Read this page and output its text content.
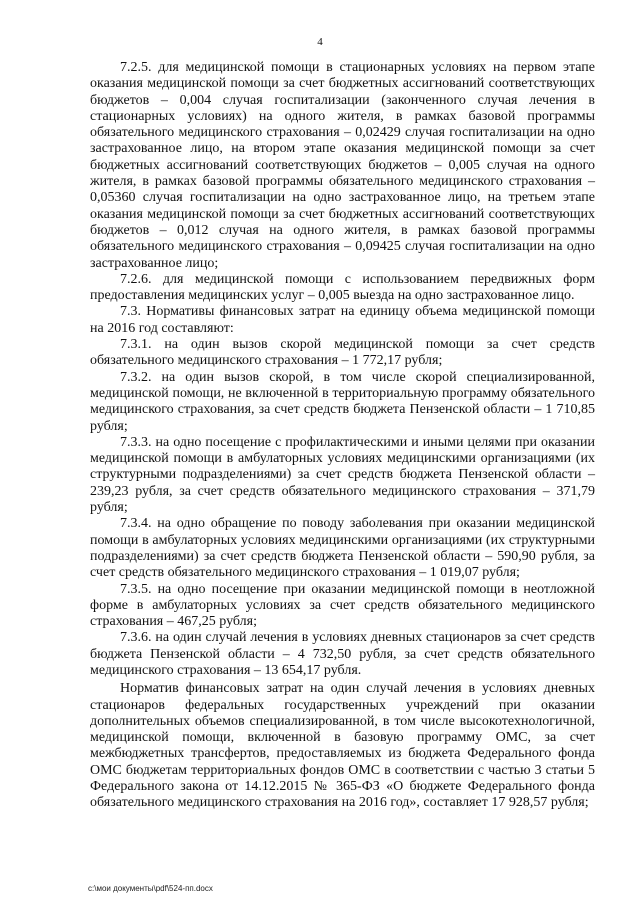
4

7.2.5. для медицинской помощи в стационарных условиях на первом этапе оказания медицинской помощи за счет бюджетных ассигнований соответствующих бюджетов – 0,004 случая госпитализации (законченного случая лечения в стационарных условиях) на одного жителя, в рамках базовой программы обязательного медицинского страхования – 0,02429 случая госпитализации на одно застрахованное лицо, на втором этапе оказания медицинской помощи за счет бюджетных ассигнований соответствующих бюджетов – 0,005 случая на одного жителя, в рамках базовой программы обязательного медицинского страхования – 0,05360 случая госпитализации на одно застрахованное лицо, на третьем этапе оказания медицинской помощи за счет бюджетных ассигнований соответствующих бюджетов – 0,012 случая на одного жителя, в рамках базовой программы обязательного медицинского страхования – 0,09425 случая госпитализации на одно застрахованное лицо;

7.2.6. для медицинской помощи с использованием передвижных форм предоставления медицинских услуг – 0,005 выезда на одно застрахованное лицо.

7.3. Нормативы финансовых затрат на единицу объема медицинской помощи на 2016 год составляют:

7.3.1. на один вызов скорой медицинской помощи за счет средств обязательного медицинского страхования – 1 772,17 рубля;

7.3.2. на один вызов скорой, в том числе скорой специализированной, медицинской помощи, не включенной в территориальную программу обязательного медицинского страхования, за счет средств бюджета Пензенской области – 1 710,85 рубля;

7.3.3. на одно посещение с профилактическими и иными целями при оказании медицинской помощи в амбулаторных условиях медицинскими организациями (их структурными подразделениями) за счет средств бюджета Пензенской области – 239,23 рубля, за счет средств обязательного медицинского страхования – 371,79 рубля;

7.3.4. на одно обращение по поводу заболевания при оказании медицинской помощи в амбулаторных условиях медицинскими организациями (их структурными подразделениями) за счет средств бюджета Пензенской области – 590,90 рубля, за счет средств обязательного медицинского страхования – 1 019,07 рубля;

7.3.5. на одно посещение при оказании медицинской помощи в неотложной форме в амбулаторных условиях за счет средств обязательного медицинского страхования – 467,25 рубля;

7.3.6. на один случай лечения в условиях дневных стационаров за счет средств бюджета Пензенской области – 4 732,50 рубля, за счет средств обязательного медицинского страхования – 13 654,17 рубля.

Норматив финансовых затрат на один случай лечения в условиях дневных стационаров федеральных государственных учреждений при оказании дополнительных объемов специализированной, в том числе высокотехнологичной, медицинской помощи, включенной в базовую программу ОМС, за счет межбюджетных трансфертов, предоставляемых из бюджета Федерального фонда ОМС бюджетам территориальных фондов ОМС в соответствии с частью 3 статьи 5 Федерального закона от 14.12.2015 № 365-ФЗ «О бюджете Федерального фонда обязательного медицинского страхования на 2016 год», составляет 17 928,57 рубля;

c:\мои документы\pdf\524-пп.docx
